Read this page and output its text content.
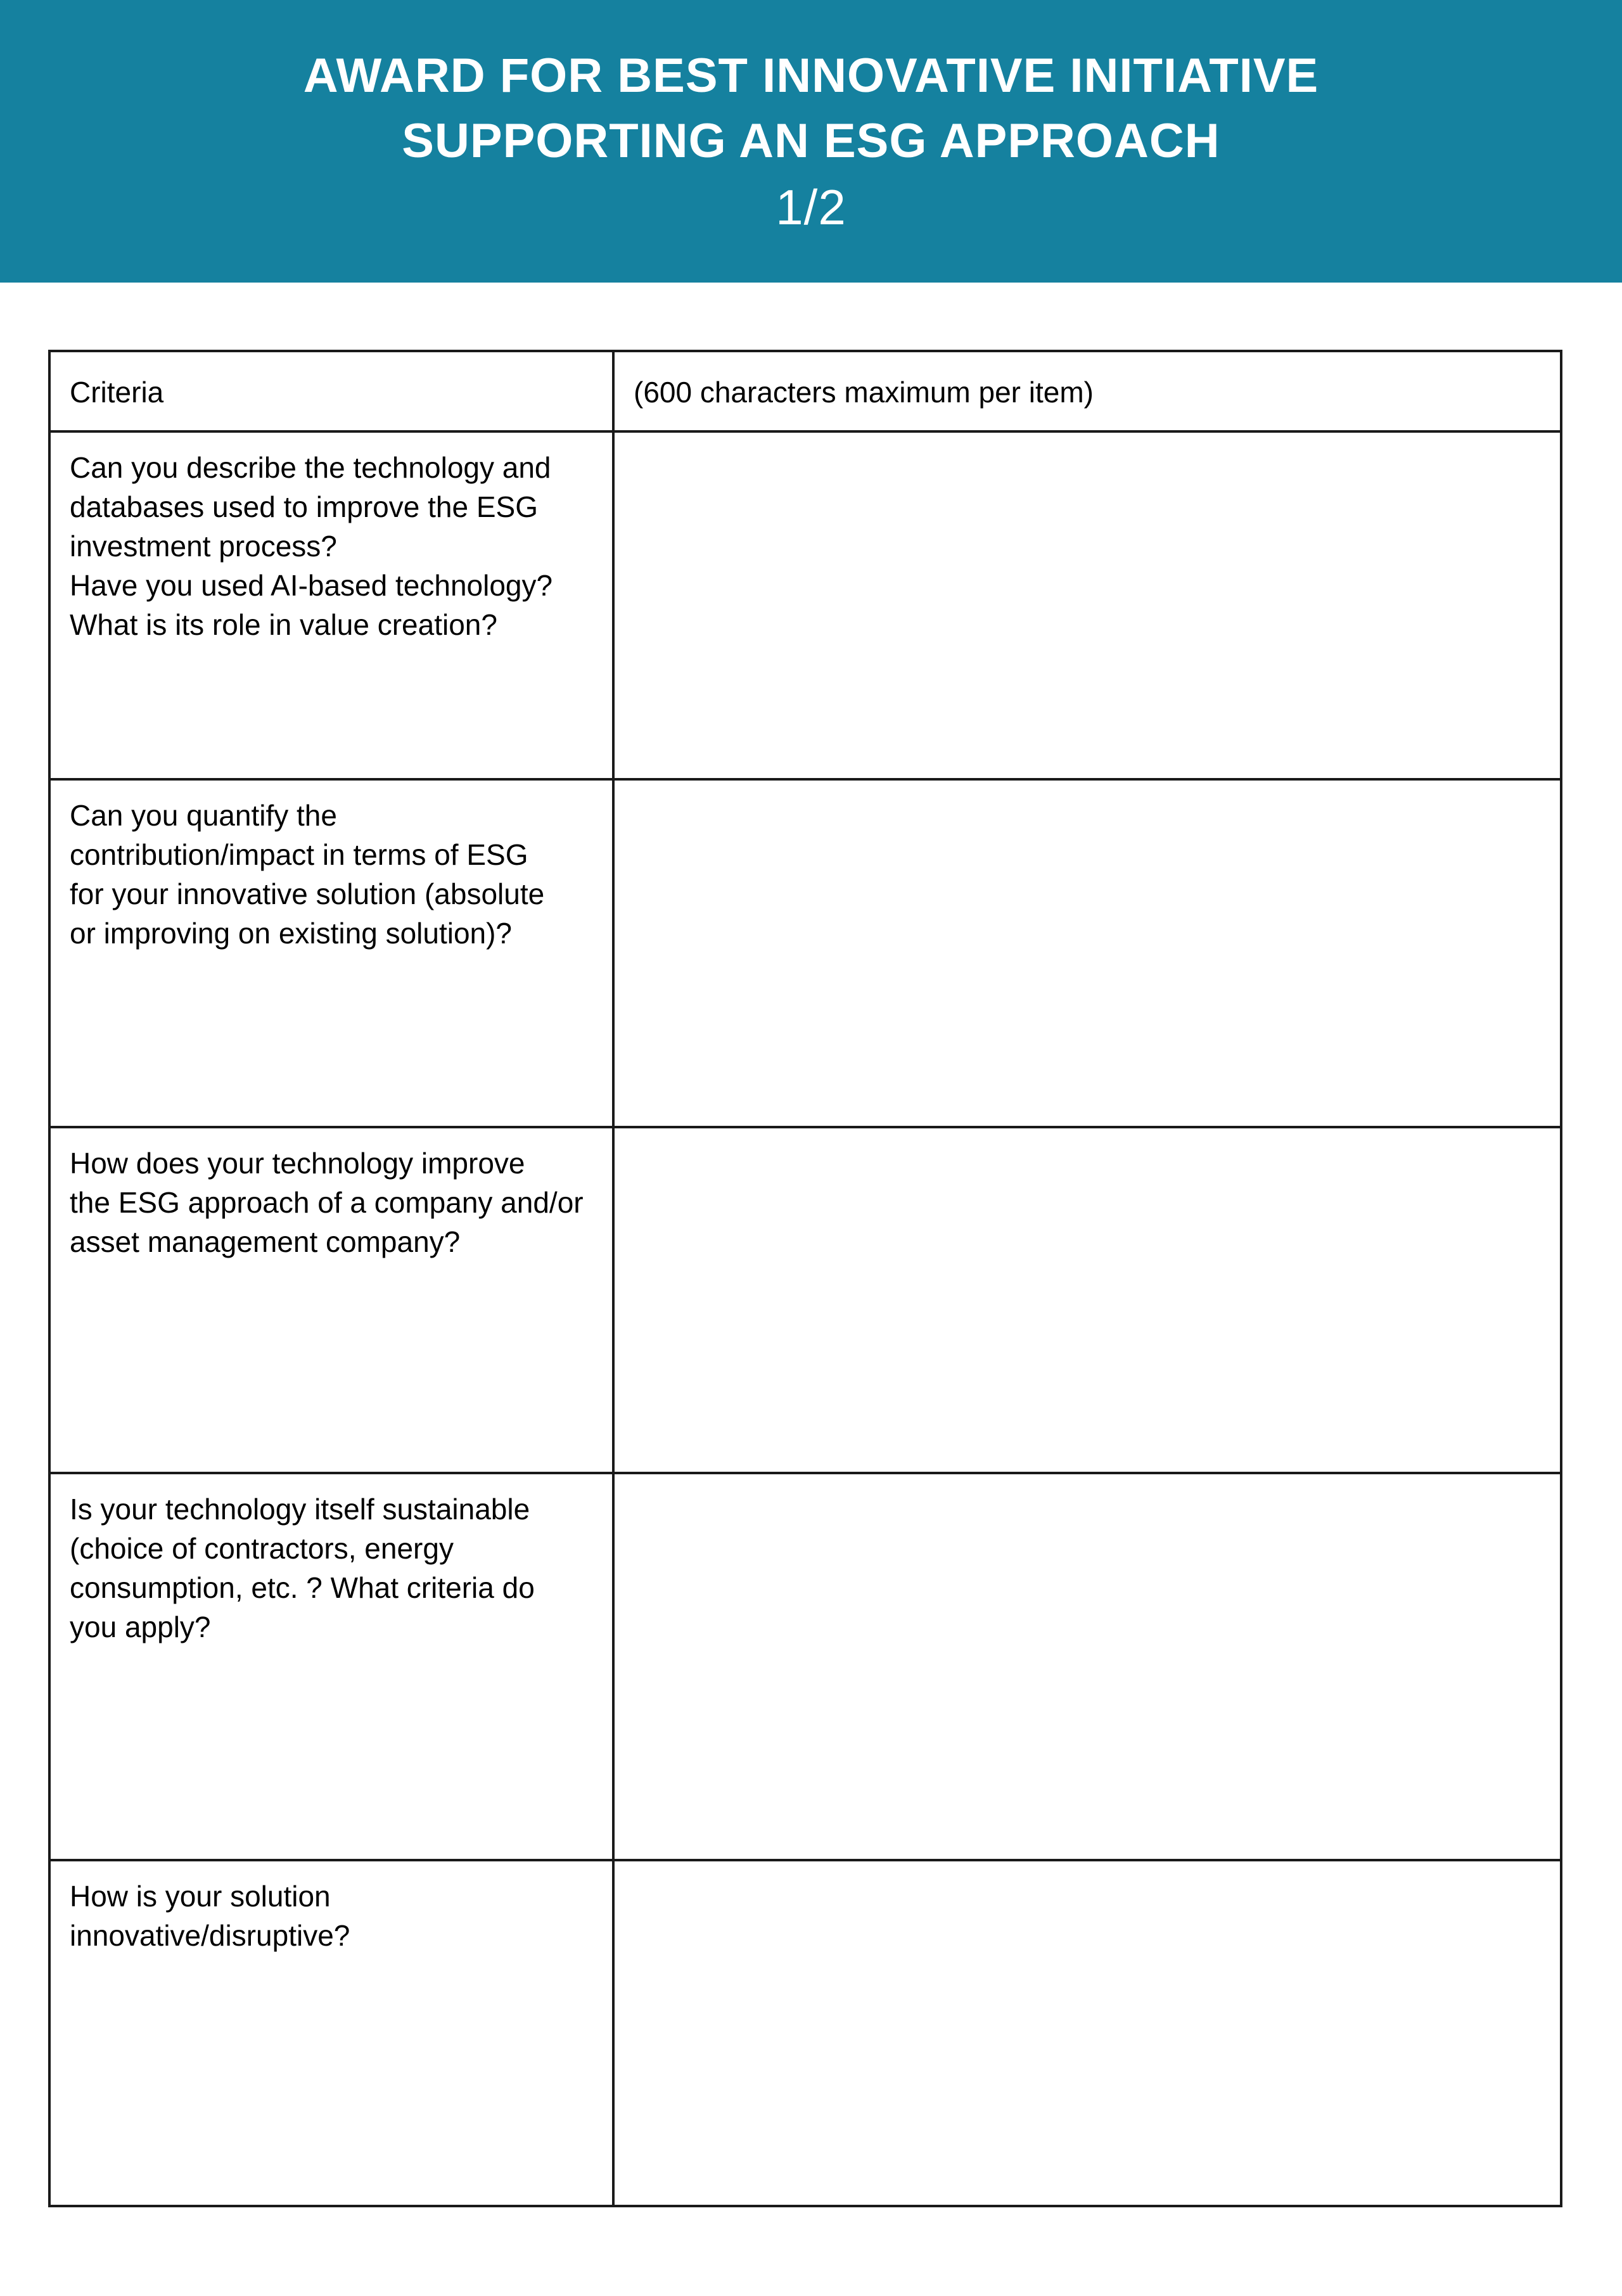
AWARD FOR BEST INNOVATIVE INITIATIVE
SUPPORTING AN ESG APPROACH
1/2
Criteria	(600 characters maximum per item)

Can you describe the technology and
databases used to improve the ESG
investment process?
Have you used AI-based technology?
What is its role in value creation?	

Can you quantify the
contribution/impact in terms of ESG
for your innovative solution (absolute
or improving on existing solution)?	

How does your technology improve
the ESG approach of a company and/or
asset management company?	

Is your technology itself sustainable
(choice of contractors, energy
consumption, etc. ? What criteria do
you apply?	

How is your solution
innovative/disruptive?	
